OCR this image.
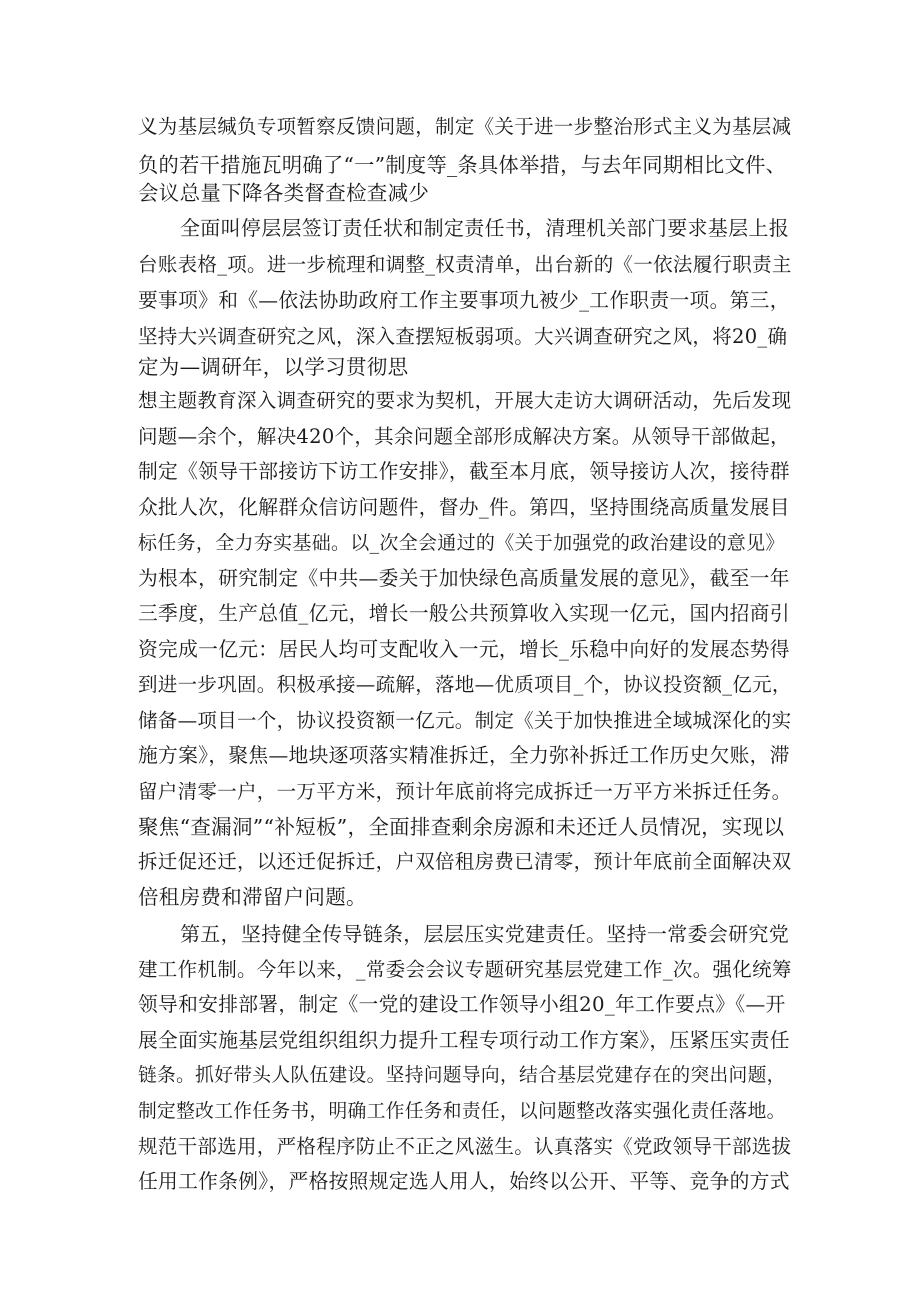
义为基层缄负专项暂察反馈问题，制定《关于进一步整治形式主义为基层减
负的若干措施瓦明确了“一”制度等_条具体举措，与去年同期相比文件、
会议总量下降各类督查检查减少
全面叫停层层签订责任状和制定责任书，清理机关部门要求基层上报
台账表格_项。进一步梳理和调整_权责清单，出台新的《一依法履行职责主
要事项》和《—依法协助政府工作主要事项九被少_工作职责一项。第三，
坚持大兴调查研究之风，深入查摆短板弱项。大兴调查研究之风，将20_确
定为—调研年，以学习贯彻思
想主题教育深入调查研究的要求为契机，开展大走访大调研活动，先后发现
问题—余个，解决420个，其余问题全部形成解决方案。从领导干部做起，
制定《领导干部接访下访工作安排》，截至本月底，领导接访人次，接待群
众批人次，化解群众信访问题件，督办_件。第四，坚持围绕高质量发展目
标任务，全力夯实基础。以_次全会通过的《关于加强党的政治建设的意见》
为根本，研究制定《中共—委关于加快绿色高质量发展的意见》，截至一年
三季度，生产总值_亿元，增长一般公共预算收入实现一亿元，国内招商引
资完成一亿元：居民人均可支配收入一元，增长_乐稳中向好的发展态势得
到进一步巩固。积极承接—疏解，落地—优质项目_个，协议投资额_亿元，
储备—项目一个，协议投资额一亿元。制定《关于加快推进全域城深化的实
施方案》，聚焦—地块逐项落实精准拆迁，全力弥补拆迁工作历史欠账，滞
留户清零一户，一万平方米，预计年底前将完成拆迁一万平方米拆迁任务。
聚焦“查漏洞”“补短板”，全面排查剩余房源和未还迁人员情况，实现以
拆迁促还迁，以还迁促拆迁，户双倍租房费已清零，预计年底前全面解决双
倍租房费和滞留户问题。
第五，坚持健全传导链条，层层压实党建责任。坚持一常委会研究党
建工作机制。今年以来，_常委会会议专题研究基层党建工作_次。强化统筹
领导和安排部署，制定《一党的建设工作领导小组20_年工作要点》《—开
展全面实施基层党组织组织力提升工程专项行动工作方案》，压紧压实责任
链条。抓好带头人队伍建设。坚持问题导向，结合基层党建存在的突出问题，
制定整改工作任务书，明确工作任务和责任，以问题整改落实强化责任落地。
规范干部选用，严格程序防止不正之风滋生。认真落实《党政领导干部选拔
任用工作条例》，严格按照规定选人用人，始终以公开、平等、竞争的方式
